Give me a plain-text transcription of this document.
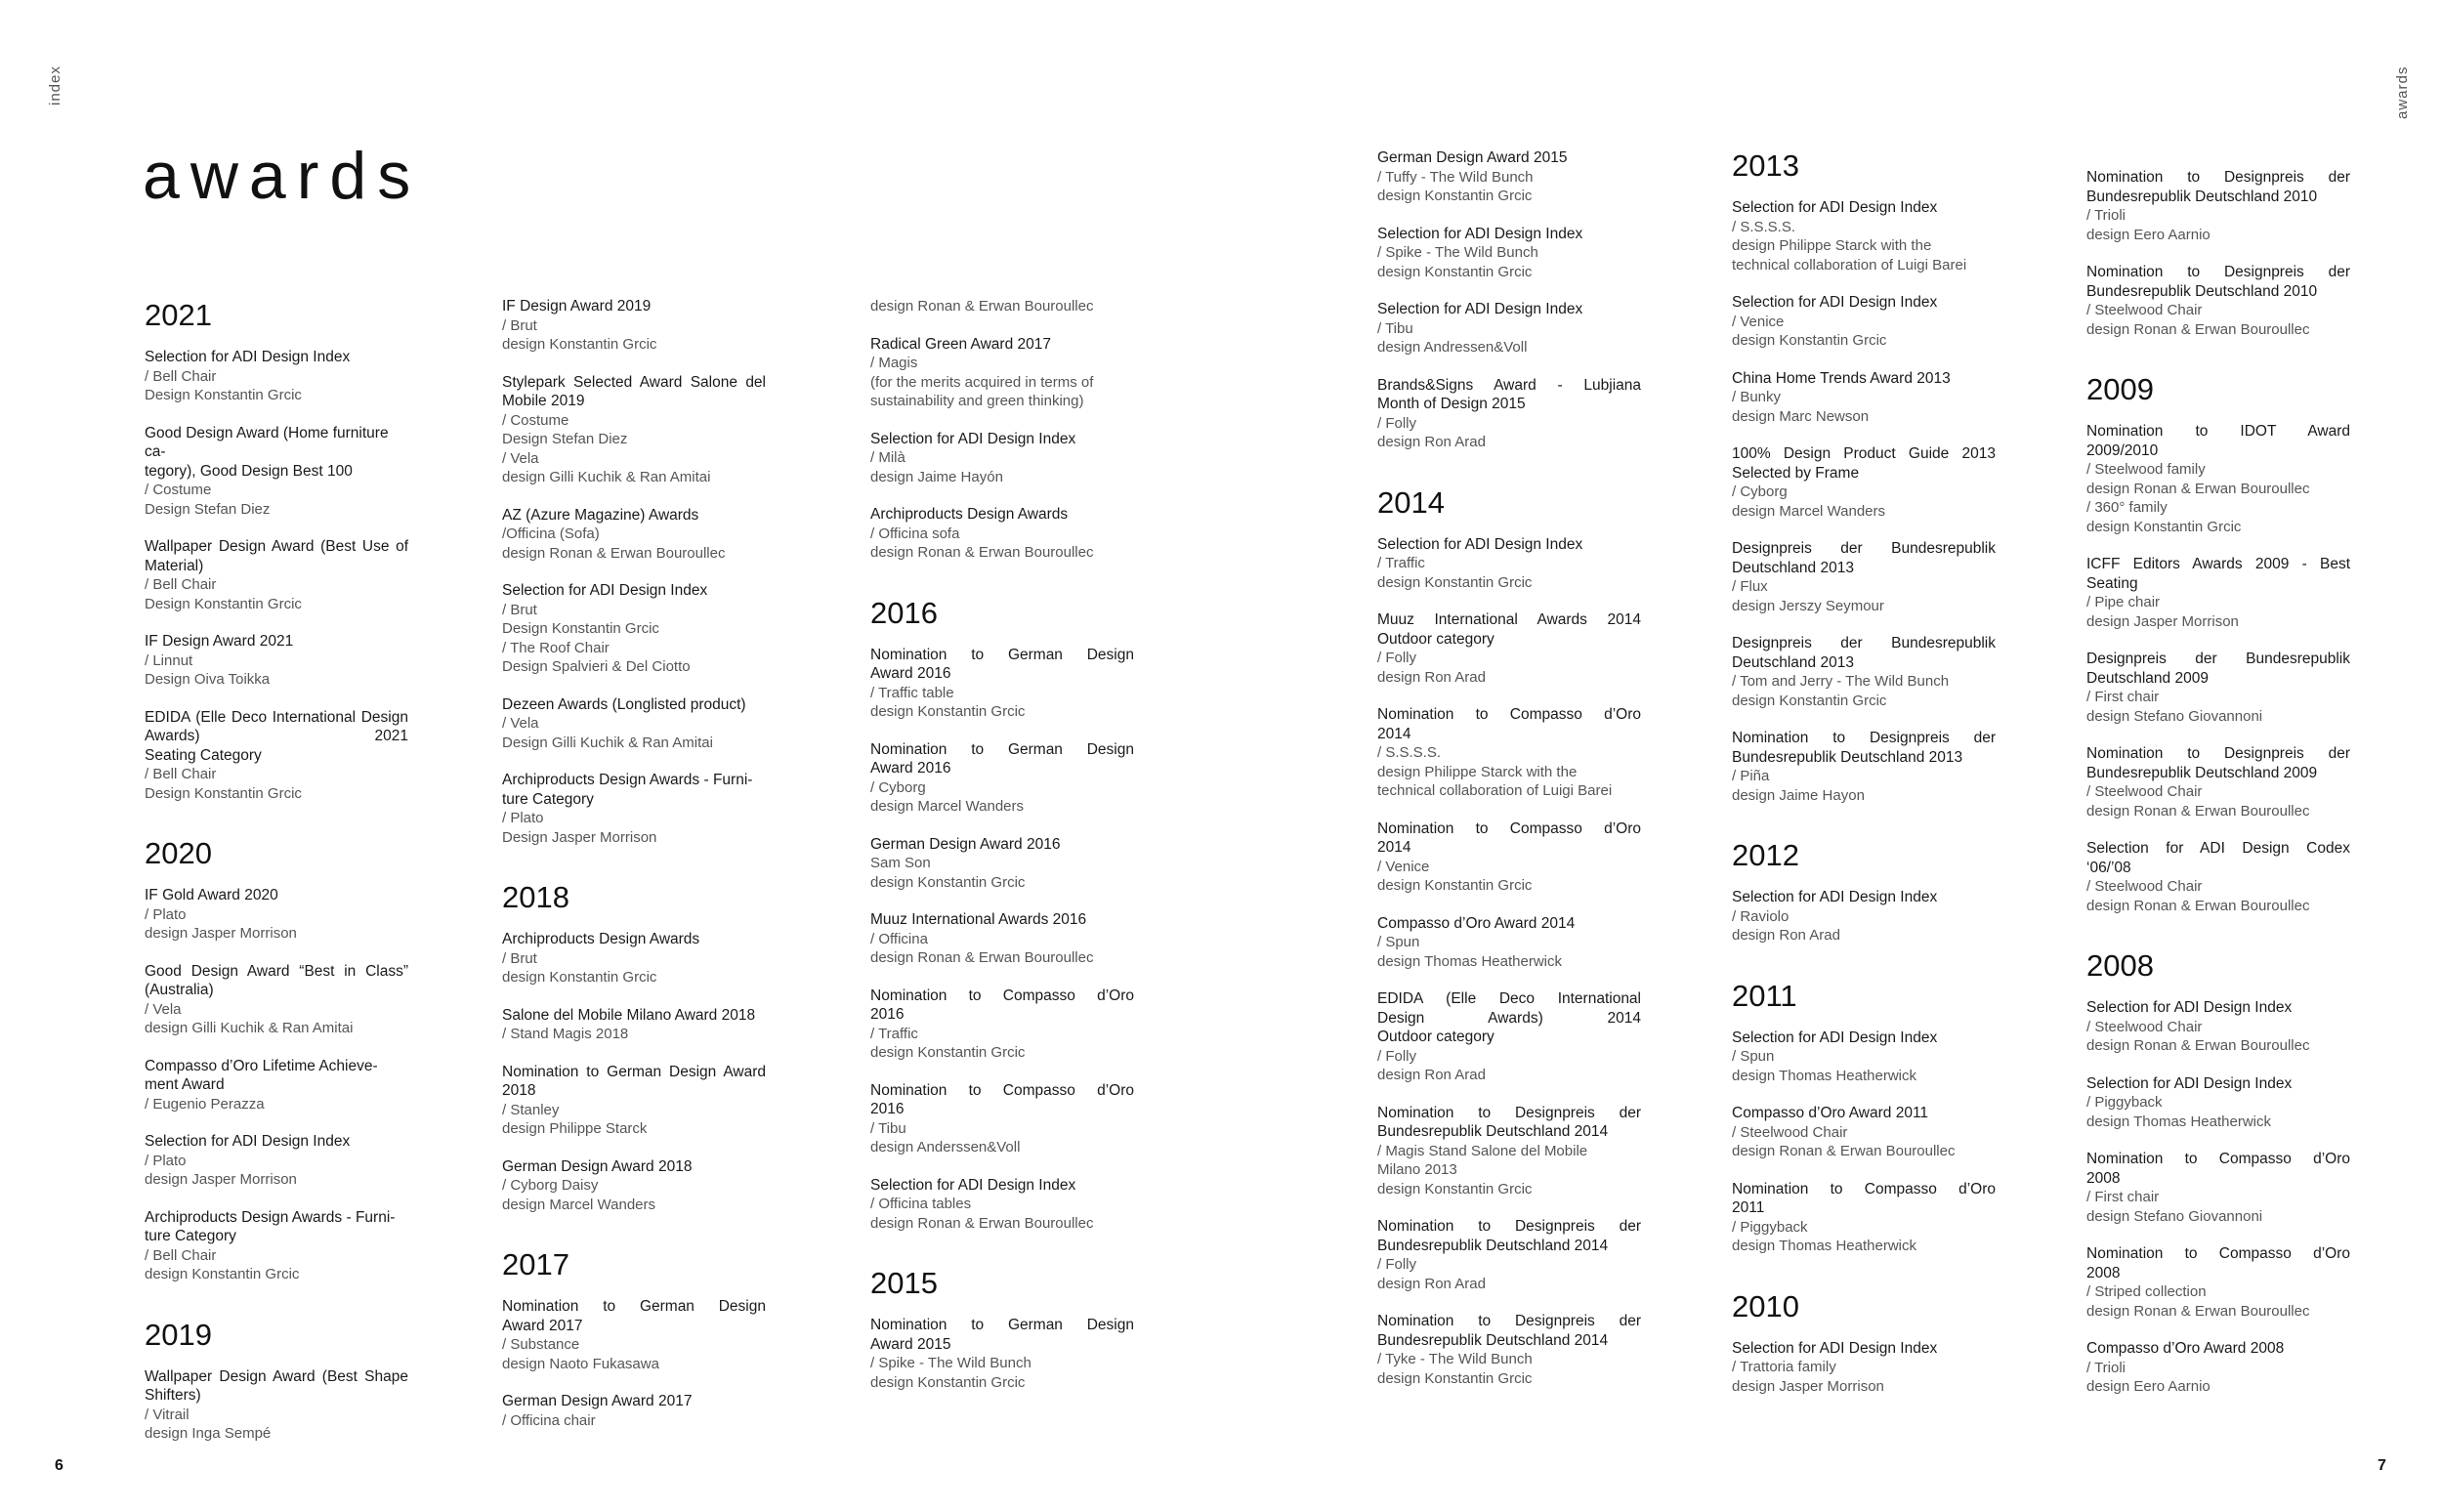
index	awards
6	7
awards
2021
Selection for ADI Design Index
/ Bell Chair
Design Konstantin Grcic
Good Design Award (Home furniture ca-
tegory), Good Design Best 100
/ Costume
Design Stefan Diez
Wallpaper Design Award (Best Use of
Material)
/ Bell Chair
Design Konstantin Grcic
IF Design Award 2021
/ Linnut
Design Oiva Toikka
EDIDA (Elle Deco International Design
Awards) 2021
Seating Category
/ Bell Chair
Design Konstantin Grcic
2020
IF Gold Award 2020
/ Plato
design Jasper Morrison
Good Design Award “Best in Class”
(Australia)
/ Vela
design Gilli Kuchik & Ran Amitai
Compasso d’Oro Lifetime Achieve-
ment Award
/ Eugenio Perazza
Selection for ADI Design Index
/ Plato
design Jasper Morrison
Archiproducts Design Awards - Furni-
ture Category
/ Bell Chair
design Konstantin Grcic
2019
Wallpaper Design Award (Best Shape
Shifters)
/ Vitrail
design Inga Sempé
IF Design Award 2019
/ Brut
design Konstantin Grcic
Stylepark Selected Award Salone del
Mobile 2019
/ Costume
Design Stefan Diez
/ Vela
design Gilli Kuchik & Ran Amitai
AZ (Azure Magazine) Awards
/Officina (Sofa)
design Ronan & Erwan Bouroullec
Selection for ADI Design Index
/ Brut
Design Konstantin Grcic
/ The Roof Chair
Design Spalvieri & Del Ciotto
Dezeen Awards (Longlisted product)
/ Vela
Design Gilli Kuchik & Ran Amitai
Archiproducts Design Awards - Furni-
ture Category
/ Plato
Design Jasper Morrison
2018
Archiproducts Design Awards
/ Brut
design Konstantin Grcic
Salone del Mobile Milano Award 2018
/ Stand Magis 2018
Nomination to German Design Award
2018
/ Stanley
design Philippe Starck
German Design Award 2018
/ Cyborg Daisy
design Marcel Wanders
2017
Nomination to German Design
Award 2017
/ Substance
design Naoto Fukasawa
German Design Award 2017
/ Officina chair
design Ronan & Erwan Bouroullec
Radical Green Award 2017
/ Magis
(for the merits acquired in terms of
sustainability and green thinking)
Selection for ADI Design Index
/ Milà
design Jaime Hayón
Archiproducts Design Awards
/ Officina sofa
design Ronan & Erwan Bouroullec
2016
Nomination to German Design
Award 2016
/ Traffic table
design Konstantin Grcic
Nomination to German Design
Award 2016
/ Cyborg
design Marcel Wanders
German Design Award 2016
Sam Son
design Konstantin Grcic
Muuz International Awards 2016
/ Officina
design Ronan & Erwan Bouroullec
Nomination to Compasso d’Oro
2016
/ Traffic
design Konstantin Grcic
Nomination to Compasso d’Oro
2016
/ Tibu
design Anderssen&Voll
Selection for ADI Design Index
/ Officina tables
design Ronan & Erwan Bouroullec
2015
Nomination to German Design
Award 2015
/ Spike - The Wild Bunch
design Konstantin Grcic
German Design Award 2015
/ Tuffy - The Wild Bunch
design Konstantin Grcic
Selection for ADI Design Index
/ Spike - The Wild Bunch
design Konstantin Grcic
Selection for ADI Design Index
/ Tibu
design Andressen&Voll
Brands&Signs Award - Lubjiana
Month of Design 2015
/ Folly
design Ron Arad
2014
Selection for ADI Design Index
/ Traffic
design Konstantin Grcic
Muuz International Awards 2014
Outdoor category
/ Folly
design Ron Arad
Nomination to Compasso d’Oro
2014
/ S.S.S.S.
design Philippe Starck with the
technical collaboration of Luigi Barei
Nomination to Compasso d’Oro
2014
/ Venice
design Konstantin Grcic
Compasso d’Oro Award 2014
/ Spun
design Thomas Heatherwick
EDIDA (Elle Deco International
Design Awards) 2014
Outdoor category
/ Folly
design Ron Arad
Nomination to Designpreis der
Bundesrepublik Deutschland 2014
/ Magis Stand Salone del Mobile
Milano 2013
design Konstantin Grcic
Nomination to Designpreis der
Bundesrepublik Deutschland 2014
/ Folly
design Ron Arad
Nomination to Designpreis der
Bundesrepublik Deutschland 2014
/ Tyke - The Wild Bunch
design Konstantin Grcic
2013
Selection for ADI Design Index
/ S.S.S.S.
design Philippe Starck with the
technical collaboration of Luigi Barei
Selection for ADI Design Index
/ Venice
design Konstantin Grcic
China Home Trends Award 2013
/ Bunky
design Marc Newson
100% Design Product Guide 2013
Selected by Frame
/ Cyborg
design Marcel Wanders
Designpreis der Bundesrepublik
Deutschland 2013
/ Flux
design Jerszy Seymour
Designpreis der Bundesrepublik
Deutschland 2013
/ Tom and Jerry - The Wild Bunch
design Konstantin Grcic
Nomination to Designpreis der
Bundesrepublik Deutschland 2013
/ Piña
design Jaime Hayon
2012
Selection for ADI Design Index
/ Raviolo
design Ron Arad
2011
Selection for ADI Design Index
/ Spun
design Thomas Heatherwick
Compasso d’Oro Award 2011
/ Steelwood Chair
design Ronan & Erwan Bouroullec
Nomination to Compasso d’Oro
2011
/ Piggyback
design Thomas Heatherwick
2010
Selection for ADI Design Index
/ Trattoria family
design Jasper Morrison
Nomination to Designpreis der
Bundesrepublik Deutschland 2010
/ Trioli
design Eero Aarnio
Nomination to Designpreis der
Bundesrepublik Deutschland 2010
/ Steelwood Chair
design Ronan & Erwan Bouroullec
2009
Nomination to IDOT Award
2009/2010
/ Steelwood family
design Ronan & Erwan Bouroullec
/ 360° family
design Konstantin Grcic
ICFF Editors Awards 2009 - Best
Seating
/ Pipe chair
design Jasper Morrison
Designpreis der Bundesrepublik
Deutschland 2009
/ First chair
design Stefano Giovannoni
Nomination to Designpreis der
Bundesrepublik Deutschland 2009
/ Steelwood Chair
design Ronan & Erwan Bouroullec
Selection for ADI Design Codex
‘06/’08
/ Steelwood Chair
design Ronan & Erwan Bouroullec
2008
Selection for ADI Design Index
/ Steelwood Chair
design Ronan & Erwan Bouroullec
Selection for ADI Design Index
/ Piggyback
design Thomas Heatherwick
Nomination to Compasso d’Oro
2008
/ First chair
design Stefano Giovannoni
Nomination to Compasso d’Oro
2008
/ Striped collection
design Ronan & Erwan Bouroullec
Compasso d’Oro Award 2008
/ Trioli
design Eero Aarnio
